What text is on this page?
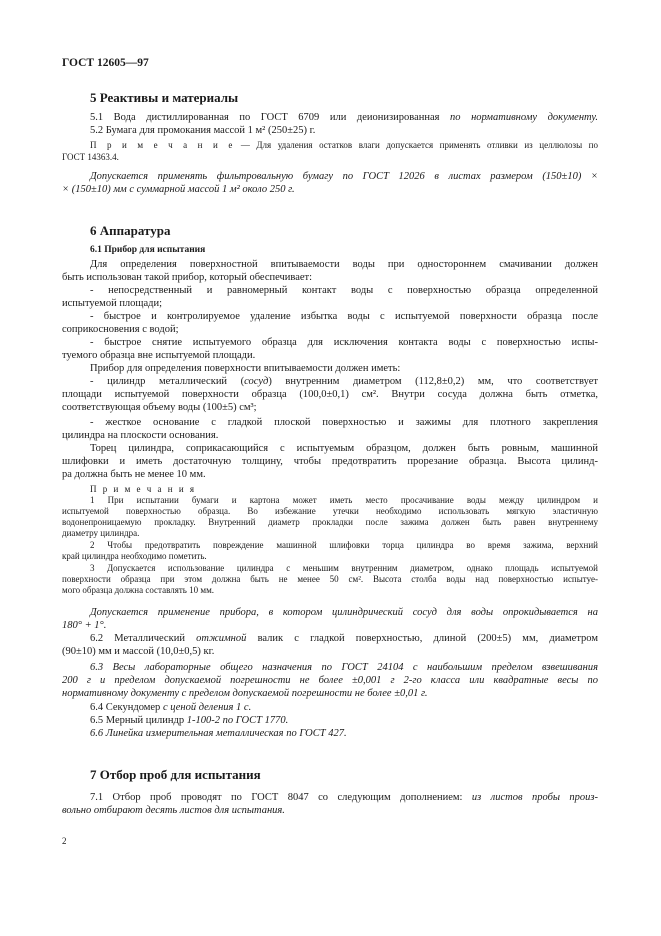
ГОСТ 12605—97
5 Реактивы и материалы
5.1 Вода дистиллированная по ГОСТ 6709 или деионизированная по нормативному документу.
5.2 Бумага для промокания массой 1 м² (250±25) г.
П р и м е ч а н и е — Для удаления остатков влаги допускается применять отливки из целлюлозы по
ГОСТ 14363.4.
Допускается применять фильтровальную бумагу по ГОСТ 12026 в листах размером (150±10) ×
× (150±10) мм с суммарной массой 1 м² около 250 г.
6 Аппаратура
6.1 Прибор для испытания
Для определения поверхностной впитываемости воды при одностороннем смачивании должен
быть использован такой прибор, который обеспечивает:
- непосредственный и равномерный контакт воды с поверхностью образца определенной
испытуемой площади;
- быстрое и контролируемое удаление избытка воды с испытуемой поверхности образца после
соприкосновения с водой;
- быстрое снятие испытуемого образца для исключения контакта воды с поверхностью испы-
туемого образца вне испытуемой площади.
Прибор для определения поверхности впитываемости должен иметь:
- цилиндр металлический (сосуд) внутренним диаметром (112,8±0,2) мм, что соответствует
площади испытуемой поверхности образца (100,0±0,1) см². Внутри сосуда должна быть отметка,
соответствующая объему воды (100±5) см³;
- жесткое основание с гладкой плоской поверхностью и зажимы для плотного закрепления
цилиндра на плоскости основания.
Торец цилиндра, соприкасающийся с испытуемым образцом, должен быть ровным, машинной
шлифовки и иметь достаточную толщину, чтобы предотвратить прорезание образца. Высота цилинд-
ра должна быть не менее 10 мм.
П р и м е ч а н и я
1 При испытании бумаги и картона может иметь место просачивание воды между цилиндром и
испытуемой поверхностью образца. Во избежание утечки необходимо использовать мягкую эластичную
водонепроницаемую прокладку. Внутренний диаметр прокладки после зажима должен быть равен внутреннему
диаметру цилиндра.
2 Чтобы предотвратить повреждение машинной шлифовки торца цилиндра во время зажима, верхний
край цилиндра необходимо пометить.
3 Допускается использование цилиндра с меньшим внутренним диаметром, однако площадь испытуемой
поверхности образца при этом должна быть не менее 50 см². Высота столба воды над поверхностью испытуе-
мого образца должна составлять 10 мм.
Допускается применение прибора, в котором цилиндрический сосуд для воды опрокидывается на
180° + 1°.
6.2 Металлический отжимной валик с гладкой поверхностью, длиной (200±5) мм, диаметром
(90±10) мм и массой (10,0±0,5) кг.
6.3 Весы лабораторные общего назначения по ГОСТ 24104 с наибольшим пределом взвешивания
200 г и пределом допускаемой погрешности не более ±0,001 г 2-го класса или квадратные весы по
нормативному документу с пределом допускаемой погрешности не более ±0,01 г.
6.4 Секундомер с ценой деления 1 с.
6.5 Мерный цилиндр 1-100-2 по ГОСТ 1770.
6.6 Линейка измерительная металлическая по ГОСТ 427.
7 Отбор проб для испытания
7.1 Отбор проб проводят по ГОСТ 8047 со следующим дополнением: из листов пробы произ-
вольно отбирают десять листов для испытания.
2
